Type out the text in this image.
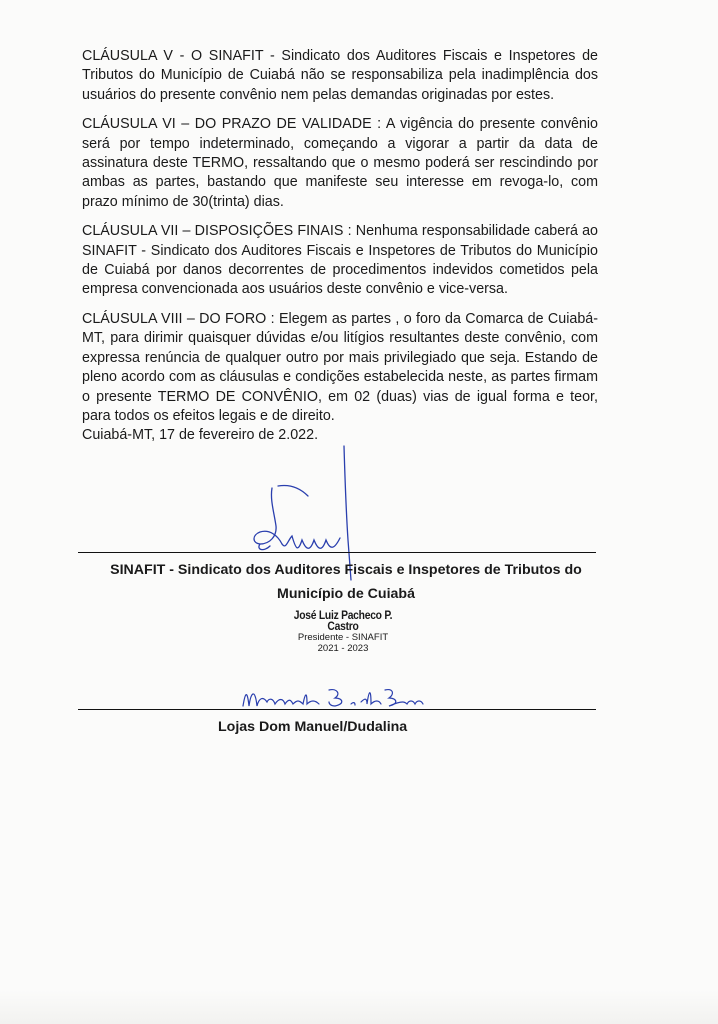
CLÁUSULA V - O SINAFIT - Sindicato dos Auditores Fiscais e Inspetores de Tributos do Município de Cuiabá não se responsabiliza pela inadimplência dos usuários do presente convênio nem pelas demandas originadas por estes.

CLÁUSULA VI – DO PRAZO DE VALIDADE : A vigência do presente convênio será por tempo indeterminado, começando a vigorar a partir da data de assinatura deste TERMO, ressaltando que o mesmo poderá ser rescindindo por ambas as partes, bastando que manifeste seu interesse em revoga-lo, com prazo mínimo de 30(trinta) dias.

CLÁUSULA VII – DISPOSIÇÕES FINAIS : Nenhuma responsabilidade caberá ao SINAFIT - Sindicato dos Auditores Fiscais e Inspetores de Tributos do Município de Cuiabá por danos decorrentes de procedimentos indevidos cometidos pela empresa convencionada aos usuários deste convênio e vice-versa.

CLÁUSULA VIII – DO FORO : Elegem as partes , o foro da Comarca de Cuiabá-MT, para dirimir quaisquer dúvidas e/ou litígios resultantes deste convênio, com expressa renúncia de qualquer outro por mais privilegiado que seja. Estando de pleno acordo com as cláusulas e condições estabelecida neste, as partes firmam o presente TERMO DE CONVÊNIO, em 02 (duas) vias de igual forma e teor, para todos os efeitos legais e de direito.

Cuiabá-MT, 17 de fevereiro de 2.022.
SINAFIT - Sindicato dos Auditores Fiscais e Inspetores de Tributos do
Município de Cuiabá
José Luiz Pacheco P. Castro
Presidente - SINAFIT
2021 - 2023
Lojas Dom Manuel/Dudalina
